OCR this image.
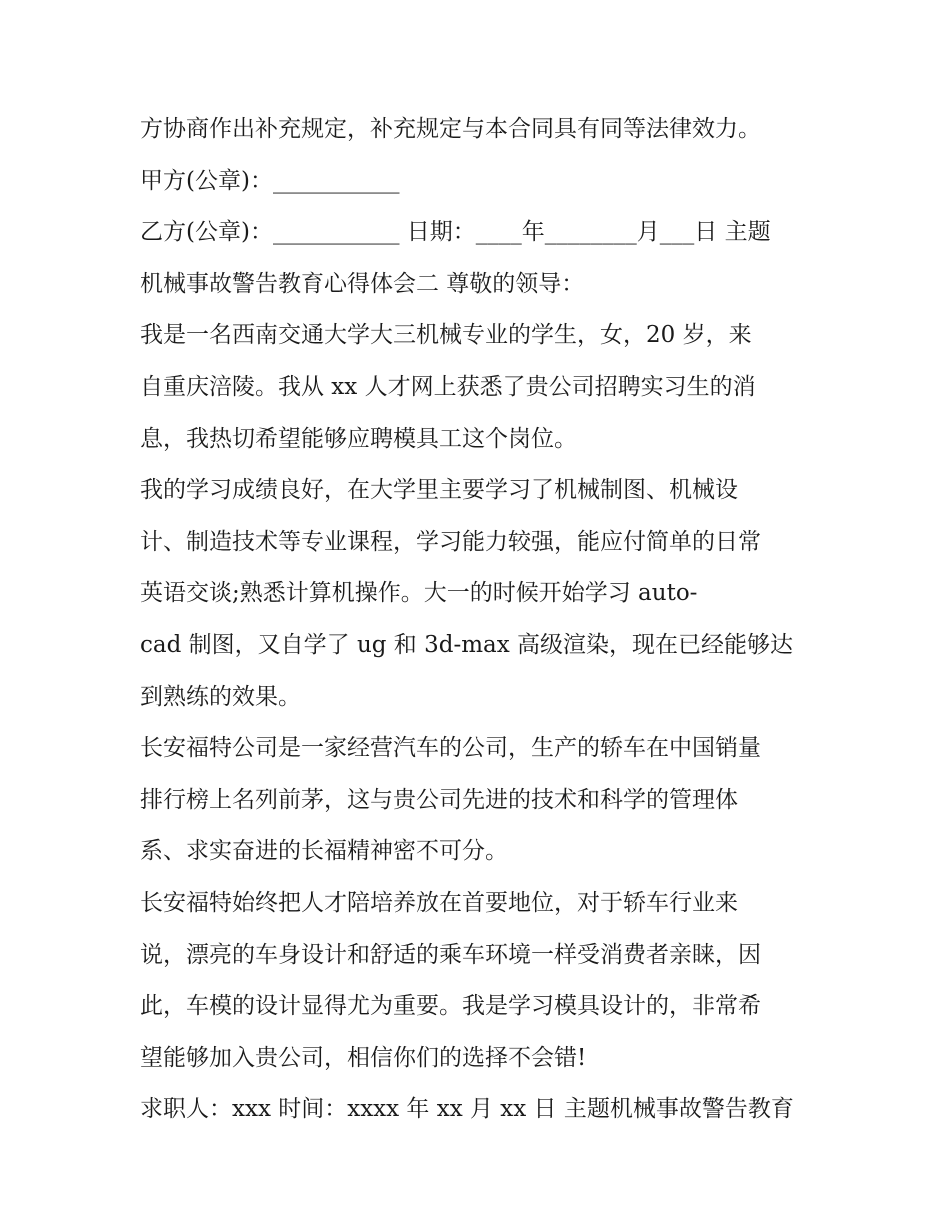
方协商作出补充规定，补充规定与本合同具有同等法律效力。
甲方(公章)：___________
乙方(公章)：___________ 日期：____年________月___日 主题
机械事故警告教育心得体会二 尊敬的领导：
我是一名西南交通大学大三机械专业的学生，女，20 岁，来
自重庆涪陵。我从 xx 人才网上获悉了贵公司招聘实习生的消
息，我热切希望能够应聘模具工这个岗位。
我的学习成绩良好，在大学里主要学习了机械制图、机械设
计、制造技术等专业课程，学习能力较强，能应付简单的日常
英语交谈;熟悉计算机操作。大一的时候开始学习 auto-
cad 制图，又自学了 ug 和 3d-max 高级渲染，现在已经能够达
到熟练的效果。
长安福特公司是一家经营汽车的公司，生产的轿车在中国销量
排行榜上名列前茅，这与贵公司先进的技术和科学的管理体
系、求实奋进的长福精神密不可分。
长安福特始终把人才陪培养放在首要地位，对于轿车行业来
说，漂亮的车身设计和舒适的乘车环境一样受消费者亲睐，因
此，车模的设计显得尤为重要。我是学习模具设计的，非常希
望能够加入贵公司，相信你们的选择不会错!
求职人：xxx 时间：xxxx 年 xx 月 xx 日 主题机械事故警告教育
